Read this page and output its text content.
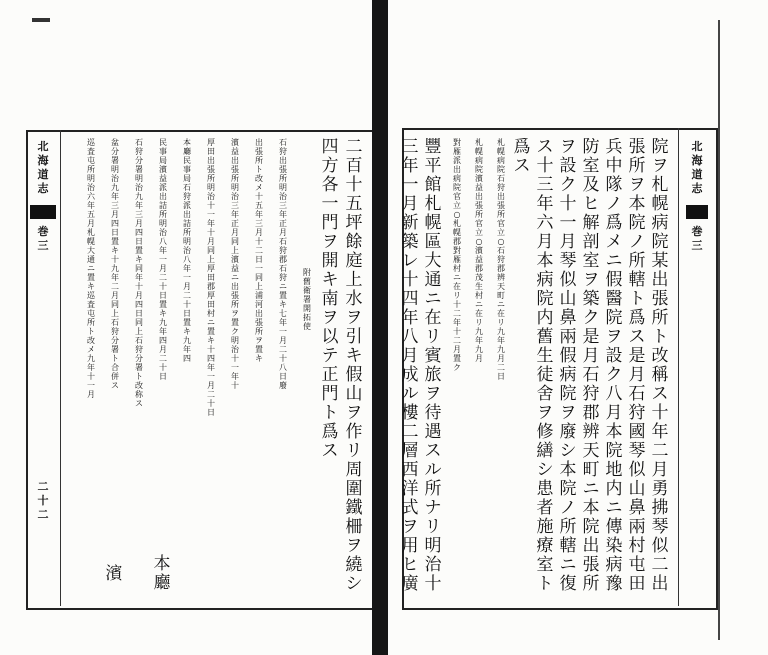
北
海
道
志
巻
三
二
十
二
二
百
十
五
坪
餘
庭
上
水
ヲ
引
キ
假
山
ヲ
作
リ
周
圍
鐵
柵
ヲ
繞
シ
四
方
各
一
門
ヲ
開
キ
南
ヲ
以
テ
正
門
ト
爲
ス
附
舊
衛
署
開
拓
使
石
狩
出
張
所
明
治
三
年
正
月
石
狩
郡
石
狩
ニ
置
キ
七
年
一
月
二
十
八
日
廢
出
張
所
ト
改
メ
十
五
年
三
月
十
二
日
一
同
上
浦
河
出
張
所
ヲ
置
キ
濱
益
出
張
所
明
治
三
年
正
月
同
上
濱
益
ニ
出
張
所
ヲ
置
ク
明
治
十
一
年
十
厚
田
出
張
所
明
治
十
一
年
十
月
同
上
厚
田
郡
厚
田
村
ニ
置
キ
十
四
年
一
月
二
十
日
本
廳
民
事
局
石
狩
派
出
詰
所
明
治
八
年
一
月
二
十
日
置
キ
九
年
四
民
事
局
濱
益
派
出
詰
所
明
治
八
年
一
月
二
十
日
置
キ
九
年
四
月
二
十
日
石
狩
分
署
明
治
九
年
三
月
四
日
置
キ
同
年
十
月
四
日
同
上
石
狩
分
署
ト
改
称
ス
盆
分
署
明
治
九
年
三
月
四
日
置
キ
十
九
年
二
月
同
上
石
狩
分
署
ト
合
併
ス
巡
査
屯
所
明
治
六
年
五
月
札
幌
大
通
ニ
置
キ
巡
査
屯
所
ト
改
メ
九
年
十
一
月
本
廳
濱
北
海
道
志
巻
三
院
ヲ
札
幌
病
院
某
出
張
所
ト
改
稱
ス
十
年
二
月
勇
拂
琴
似
二
出
張
所
ヲ
本
院
ノ
所
轄
ト
爲
ス
是
月
石
狩
國
琴
似
山
鼻
兩
村
屯
田
兵
中
隊
ノ
爲
メ
ニ
假
醫
院
ヲ
設
ク
八
月
本
院
地
内
ニ
傳
染
病
豫
防
室
及
ヒ
解
剖
室
ヲ
築
ク
是
月
石
狩
郡
辨
天
町
ニ
本
院
出
張
所
ヲ
設
ク
十
一
月
琴
似
山
鼻
兩
假
病
院
ヲ
廢
シ
本
院
ノ
所
轄
ニ
復
ス
十
三
年
六
月
本
病
院
内
舊
生
徒
舍
ヲ
修
繕
シ
患
者
施
療
室
ト
爲
ス
札
幌
病
院
石
狩
出
張
所
官
立
○
石
狩
郡
辨
天
町
ニ
在
リ
九
年
九
月
二
日
札
幌
病
院
濱
益
出
張
所
官
立
○
濱
益
郡
茂
生
村
ニ
在
リ
九
年
九
月
對
雁
派
出
病
院
官
立
○
札
幌
郡
對
雁
村
ニ
在
リ
十
二
年
十
二
月
置
ク
豐
平
館
札
幌
區
大
通
ニ
在
リ
賓
旅
ヲ
待
遇
ス
ル
所
ナ
リ
明
治
十
三
年
一
月
新
築
レ
十
四
年
八
月
成
ル
樓
二
層
西
洋
式
ヲ
用
ヒ
廣
